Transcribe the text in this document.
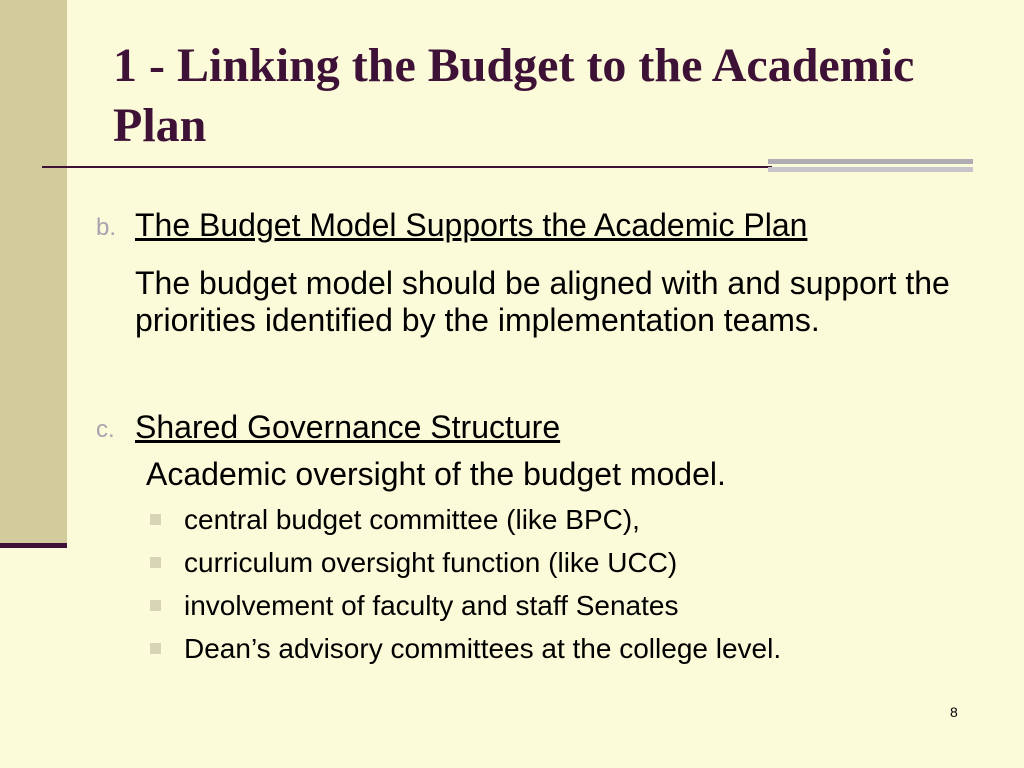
1 - Linking the Budget to the Academic Plan
b. The Budget Model Supports the Academic Plan
The budget model should be aligned with and support the priorities identified by the implementation teams.
c. Shared Governance Structure
Academic oversight of the budget model.
central budget committee (like BPC),
curriculum oversight function (like UCC)
involvement of faculty and staff Senates
Dean’s advisory committees at the college level.
8
